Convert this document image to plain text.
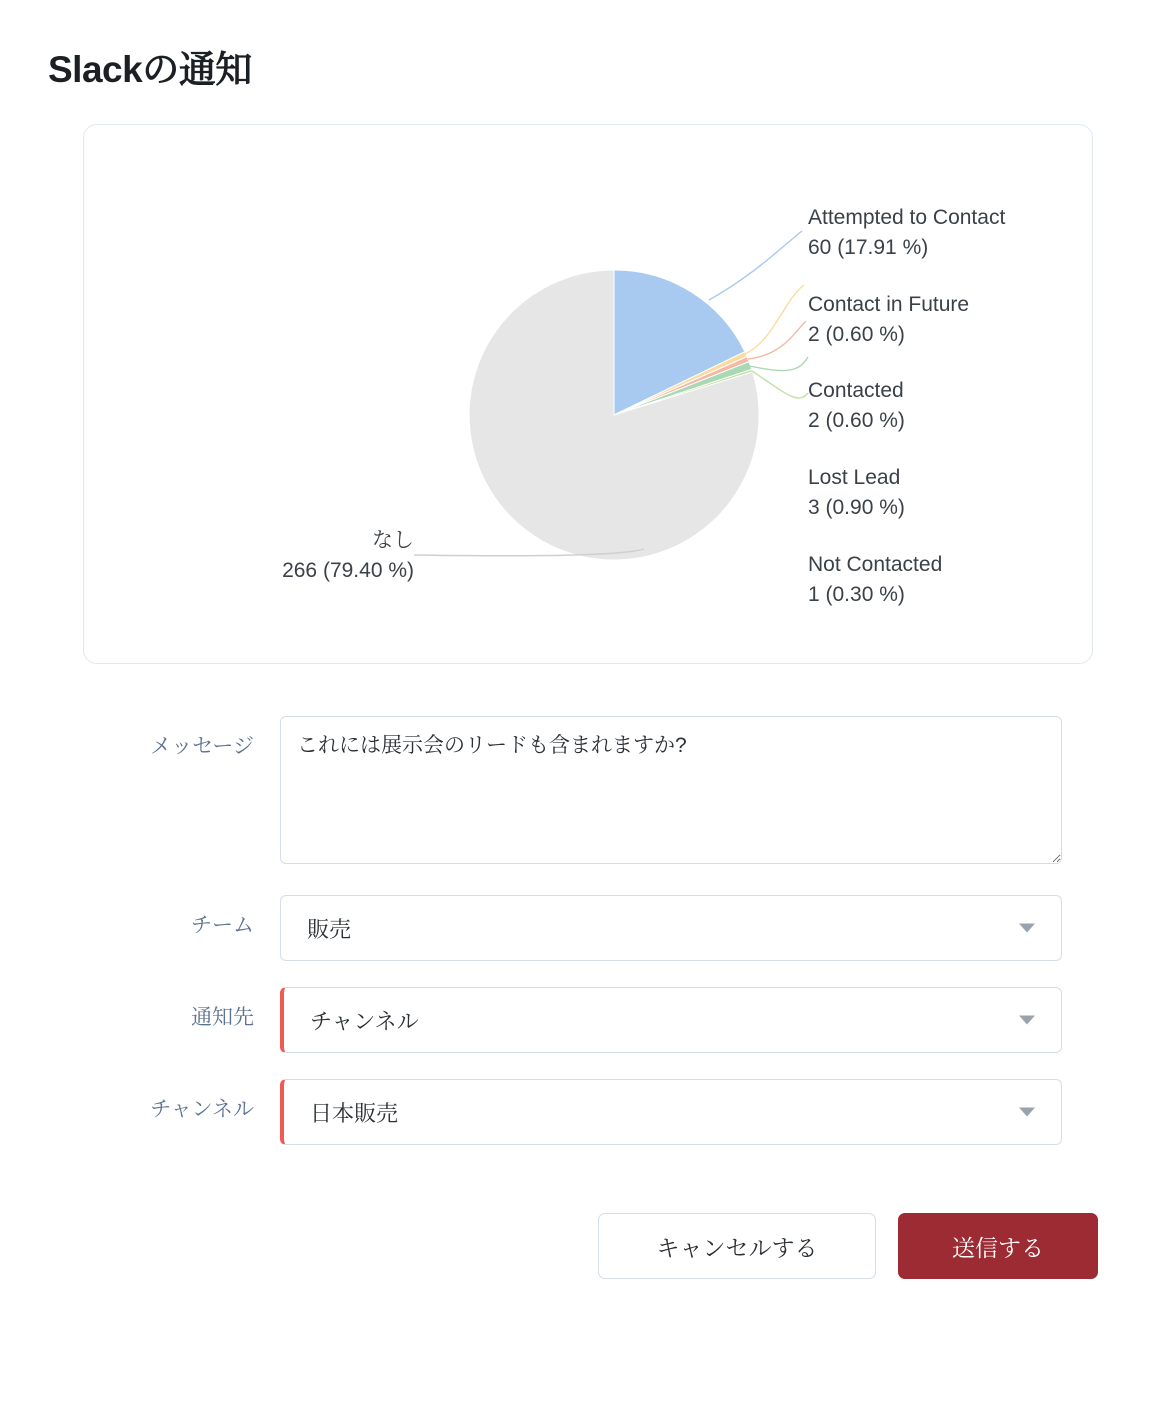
Slackの通知
Attempted to Contact
60 (17.91 %)
Contact in Future
2 (0.60 %)
Contacted
2 (0.60 %)
Lost Lead
3 (0.90 %)
Not Contacted
1 (0.30 %)
なし
266 (79.40 %)
メッセージ
これには展示会のリードも含まれますか?
チーム	販売
通知先	チャンネル
チャンネル	日本販売
キャンセルする	送信する
